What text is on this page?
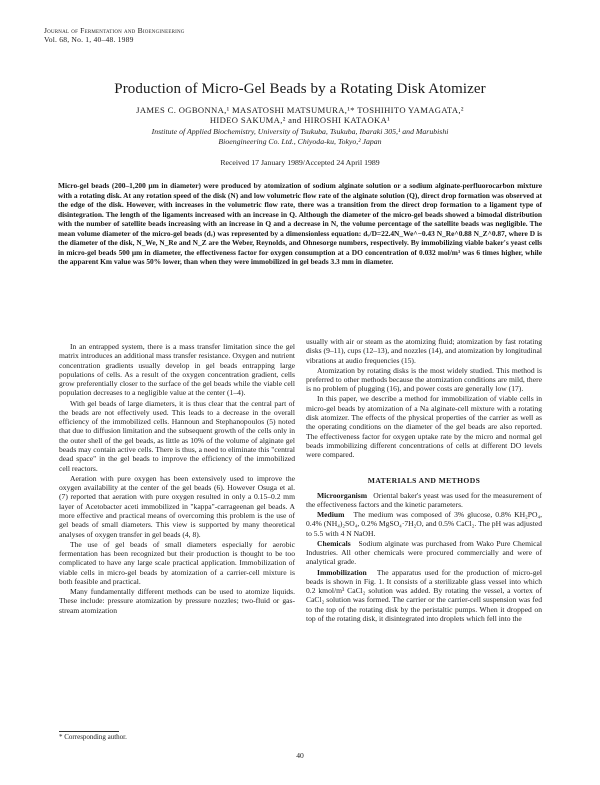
Journal of Fermentation and Bioengineering
Vol. 68, No. 1, 40–48. 1989
Production of Micro-Gel Beads by a Rotating Disk Atomizer
JAMES C. OGBONNA,¹ MASATOSHI MATSUMURA,¹* TOSHIHITO YAMAGATA,²
HIDEO SAKUMA,² and HIROSHI KATAOKA¹
Institute of Applied Biochemistry, University of Tsukuba, Tsukuba, Ibaraki 305,¹ and Marubishi
Bioengineering Co. Ltd., Chiyoda-ku, Tokyo,² Japan
Received 17 January 1989/Accepted 24 April 1989

Micro-gel beads (200–1,200 µm in diameter) were produced by atomization of sodium alginate solution or a sodium alginate-perfluorocarbon mixture with a rotating disk. At any rotation speed of the disk (N) and low volumetric flow rate of the alginate solution (Q), direct drop formation was observed at the edge of the disk. However, with increases in the volumetric flow rate, there was a transition from the direct drop formation to a ligament type of disintegration. The length of the ligaments increased with an increase in Q. Although the diameter of the micro-gel beads showed a bimodal distribution with the number of satellite beads increasing with an increase in Q and a decrease in N, the volume percentage of the satellite beads was negligible. The mean volume diameter of the micro-gel beads (dᵥ) was represented by a dimensionless equation: dᵥ/D=22.4N_We^−0.43 N_Re^0.88 N_Z^0.87, where D is the diameter of the disk, N_We, N_Re and N_Z are the Weber, Reynolds, and Ohnesorge numbers, respectively. By immobilizing viable baker's yeast cells in micro-gel beads 500 µm in diameter, the effectiveness factor for oxygen consumption at a DO concentration of 0.032 mol/m³ was 6 times higher, while the apparent Km value was 50% lower, than when they were immobilized in gel beads 3.3 mm in diameter.

In an entrapped system, there is a mass transfer limitation since the gel matrix introduces an additional mass transfer resistance. Oxygen and nutrient concentration gradients usually develop in gel beads entrapping large populations of cells. As a result of the oxygen concentration gradient, cells grow preferentially closer to the surface of the gel beads while the viable cell population decreases to a negligible value at the center (1–4).

With gel beads of large diameters, it is thus clear that the central part of the beads are not effectively used. This leads to a decrease in the overall efficiency of the immobilized cells. Hannoun and Stephanopoulos (5) noted that due to diffusion limitation and the subsequent growth of the cells only in the outer shell of the gel beads, as little as 10% of the volume of alginate gel beads may contain active cells. There is thus, a need to eliminate this "central dead space" in the gel beads to improve the efficiency of the immobilized cell reactors.

Aeration with pure oxygen has been extensively used to improve the oxygen availability at the center of the gel beads (6). However Osuga et al. (7) reported that aeration with pure oxygen resulted in only a 0.15–0.2 mm layer of Acetobacter aceti immobilized in "kappa"-carrageenan gel beads. A more effective and practical means of overcoming this problem is the use of gel beads of small diameters. This view is supported by many theoretical analyses of oxygen transfer in gel beads (4, 8).

The use of gel beads of small diameters especially for aerobic fermentation has been recognized but their production is thought to be too complicated to have any large scale practical application. Immobilization of viable cells in micro-gel beads by atomization of a carrier-cell mixture is both feasible and practical.

Many fundamentally different methods can be used to atomize liquids. These include: pressure atomization by pressure nozzles; two-fluid or gas-stream atomization

usually with air or steam as the atomizing fluid; atomization by fast rotating disks (9–11), cups (12–13), and nozzles (14), and atomization by longitudinal vibrations at audio frequencies (15).

Atomization by rotating disks is the most widely studied. This method is preferred to other methods because the atomization conditions are mild, there is no problem of plugging (16), and power costs are generally low (17).

In this paper, we describe a method for immobilization of viable cells in micro-gel beads by atomization of a Na alginate-cell mixture with a rotating disk atomizer. The effects of the physical properties of the carrier as well as the operating conditions on the diameter of the gel beads are also reported. The effectiveness factor for oxygen uptake rate by the micro and normal gel beads immobilizing different concentrations of cells at different DO levels were compared.

MATERIALS AND METHODS

Microorganism Oriental baker's yeast was used for the measurement of the effectiveness factors and the kinetic parameters.

Medium The medium was composed of 3% glucose, 0.8% KH₂PO₄, 0.4% (NH₄)₂SO₄, 0.2% MgSO₄·7H₂O, and 0.5% CaCl₂. The pH was adjusted to 5.5 with 4 N NaOH.

Chemicals Sodium alginate was purchased from Wako Pure Chemical Industries. All other chemicals were procured commercially and were of analytical grade.

Immobilization The apparatus used for the production of micro-gel beads is shown in Fig. 1. It consists of a sterilizable glass vessel into which 0.2 kmol/m³ CaCl₂ solution was added. By rotating the vessel, a vortex of CaCl₂ solution was formed. The carrier or the carrier-cell suspension was fed to the top of the rotating disk by the peristaltic pumps. When it dropped on top of the rotating disk, it disintegrated into droplets which fell into the

* Corresponding author.
40
